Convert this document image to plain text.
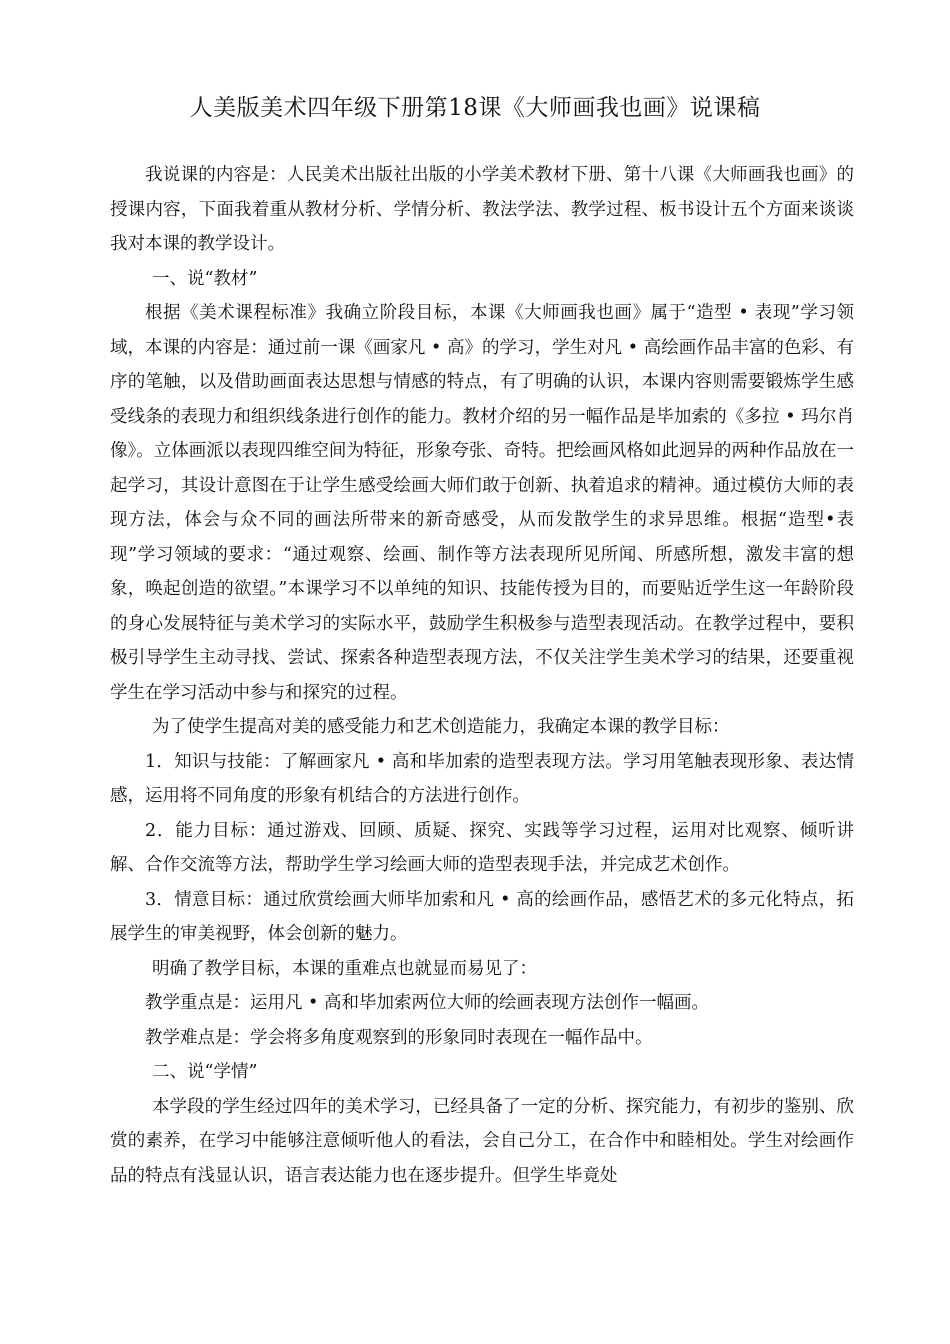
人美版美术四年级下册第18课《大师画我也画》说课稿

我说课的内容是：人民美术出版社出版的小学美术教材下册、第十八课《大师画我也画》的授课内容，下面我着重从教材分析、学情分析、教法学法、教学过程、板书设计五个方面来谈谈我对本课的教学设计。

一、说“教材”

根据《美术课程标准》我确立阶段目标，本课《大师画我也画》属于“造型 • 表现”学习领域，本课的内容是：通过前一课《画家凡 • 高》的学习，学生对凡 • 高绘画作品丰富的色彩、有序的笔触，以及借助画面表达思想与情感的特点，有了明确的认识，本课内容则需要锻炼学生感受线条的表现力和组织线条进行创作的能力。教材介绍的另一幅作品是毕加索的《多拉 • 玛尔肖像》。立体画派以表现四维空间为特征，形象夸张、奇特。把绘画风格如此迥异的两种作品放在一起学习，其设计意图在于让学生感受绘画大师们敢于创新、执着追求的精神。通过模仿大师的表现方法，体会与众不同的画法所带来的新奇感受，从而发散学生的求异思维。根据“造型•表现”学习领域的要求：“通过观察、绘画、制作等方法表现所见所闻、所感所想，激发丰富的想象，唤起创造的欲望。”本课学习不以单纯的知识、技能传授为目的，而要贴近学生这一年龄阶段的身心发展特征与美术学习的实际水平，鼓励学生积极参与造型表现活动。在教学过程中，要积极引导学生主动寻找、尝试、探索各种造型表现方法，不仅关注学生美术学习的结果，还要重视学生在学习活动中参与和探究的过程。

为了使学生提高对美的感受能力和艺术创造能力，我确定本课的教学目标：

1．知识与技能：了解画家凡 • 高和毕加索的造型表现方法。学习用笔触表现形象、表达情感，运用将不同角度的形象有机结合的方法进行创作。

2．能力目标：通过游戏、回顾、质疑、探究、实践等学习过程，运用对比观察、倾听讲解、合作交流等方法，帮助学生学习绘画大师的造型表现手法，并完成艺术创作。

3．情意目标：通过欣赏绘画大师毕加索和凡 • 高的绘画作品，感悟艺术的多元化特点，拓展学生的审美视野，体会创新的魅力。

明确了教学目标，本课的重难点也就显而易见了：

教学重点是：运用凡 • 高和毕加索两位大师的绘画表现方法创作一幅画。

教学难点是：学会将多角度观察到的形象同时表现在一幅作品中。

二、说“学情”

本学段的学生经过四年的美术学习，已经具备了一定的分析、探究能力，有初步的鉴别、欣赏的素养，在学习中能够注意倾听他人的看法，会自己分工，在合作中和睦相处。学生对绘画作品的特点有浅显认识，语言表达能力也在逐步提升。但学生毕竟处
